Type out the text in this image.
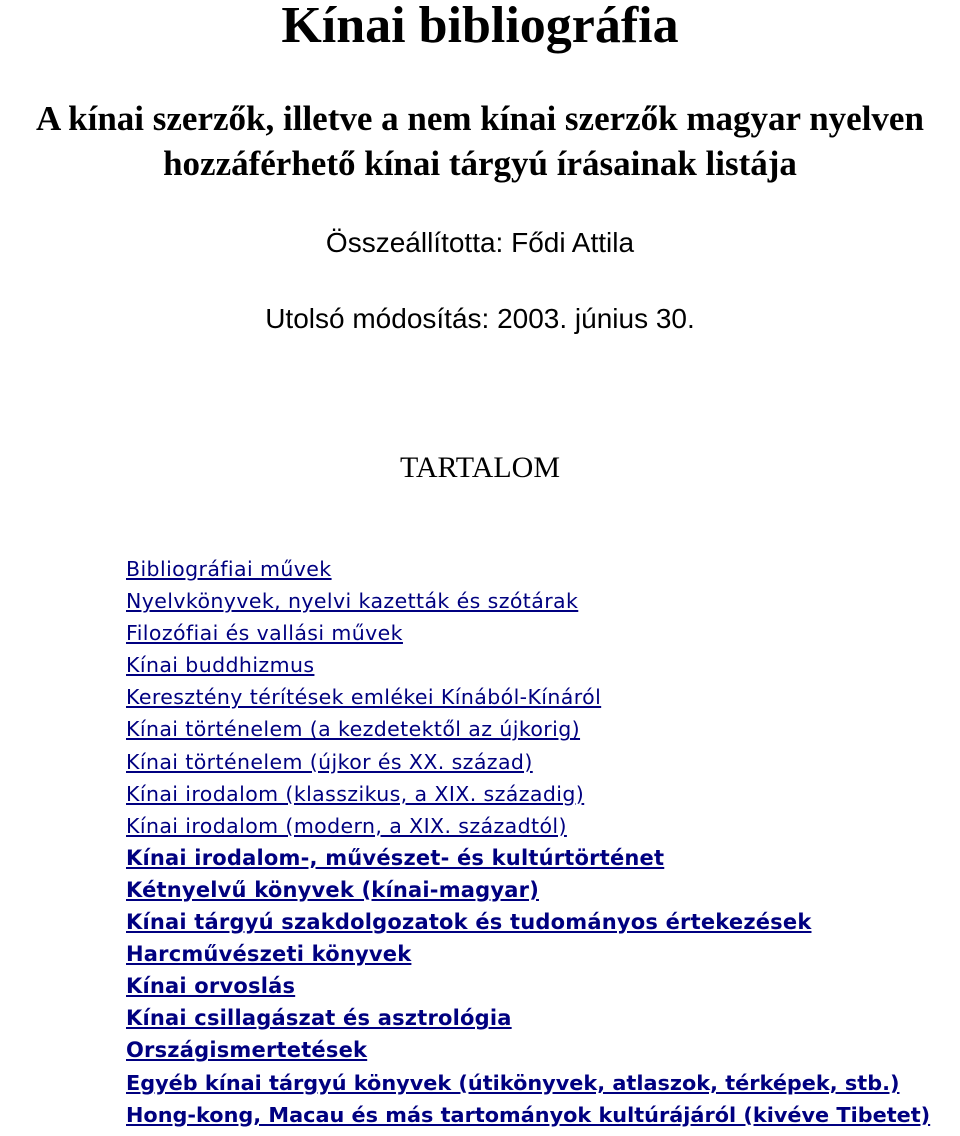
Kínai bibliográfia
A kínai szerzők, illetve a nem kínai szerzők magyar nyelven
hozzáférhető kínai tárgyú írásainak listája

Összeállította: Fődi Attila

Utolsó módosítás: 2003. június 30.

TARTALOM
Bibliográfiai művek
Nyelvkönyvek, nyelvi kazetták és szótárak
Filozófiai és vallási művek
Kínai buddhizmus
Keresztény térítések emlékei Kínából-Kínáról
Kínai történelem (a kezdetektől az újkorig)
Kínai történelem (újkor és XX. század)
Kínai irodalom (klasszikus, a XIX. századig)
Kínai irodalom (modern, a XIX. századtól)
Kínai irodalom-, művészet- és kultúrtörténet
Kétnyelvű könyvek (kínai-magyar)
Kínai tárgyú szakdolgozatok és tudományos értekezések
Harcművészeti könyvek
Kínai orvoslás
Kínai csillagászat és asztrológia
Országismertetések
Egyéb kínai tárgyú könyvek (útikönyvek, atlaszok, térképek, stb.)
Hong-kong, Macau és más tartományok kultúrájáról (kivéve Tibetet)
